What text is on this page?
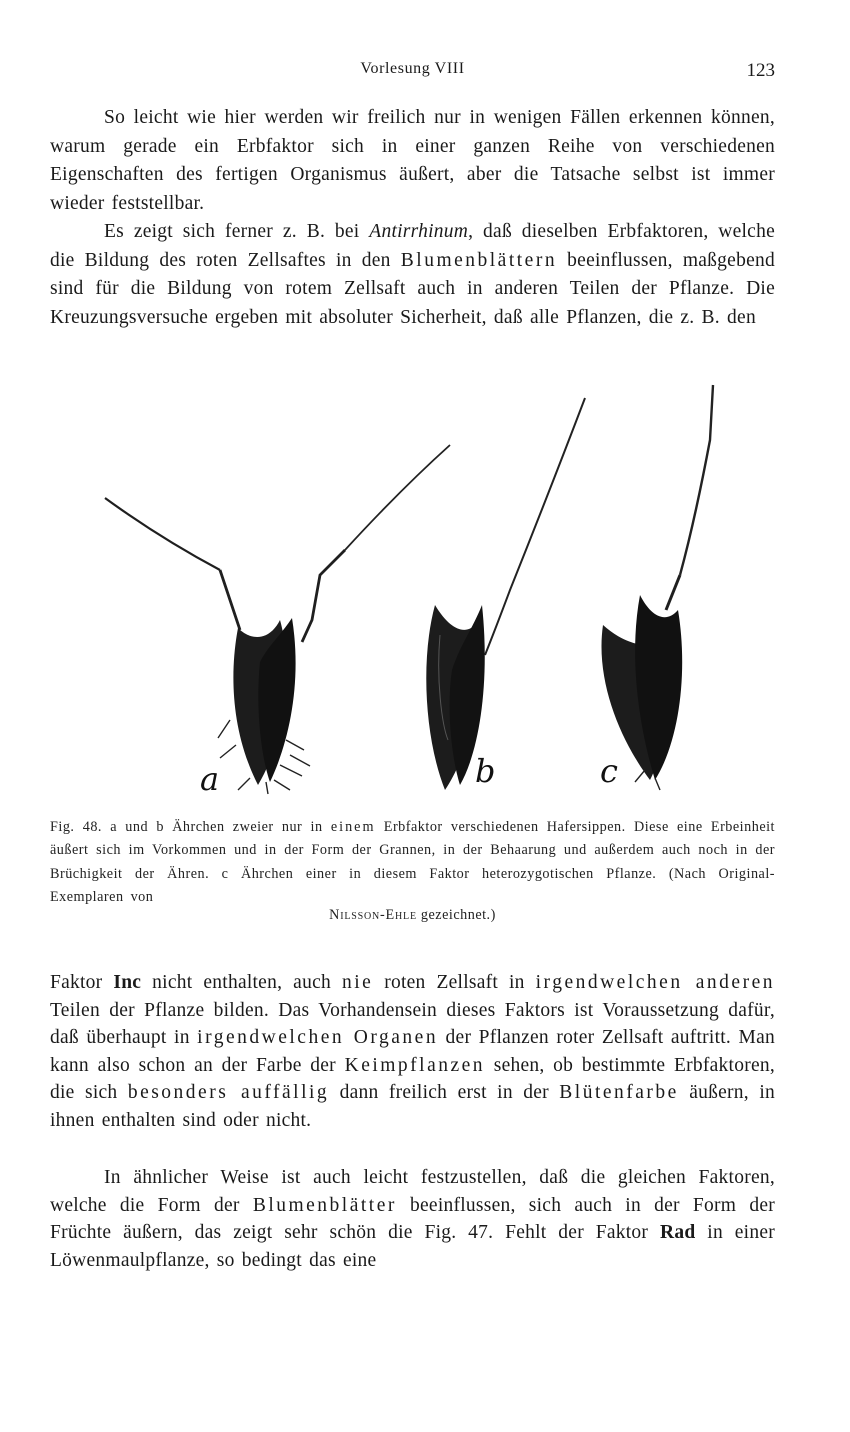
Vorlesung VIII	123

So leicht wie hier werden wir freilich nur in wenigen Fällen erkennen können, warum gerade ein Erbfaktor sich in einer ganzen Reihe von verschiedenen Eigenschaften des fertigen Organismus äußert, aber die Tatsache selbst ist immer wieder feststellbar.

Es zeigt sich ferner z. B. bei Antirrhinum, daß dieselben Erbfaktoren, welche die Bildung des roten Zellsaftes in den Blumenblättern beeinflussen, maßgebend sind für die Bildung von rotem Zellsaft auch in anderen Teilen der Pflanze. Die Kreuzungsversuche ergeben mit absoluter Sicherheit, daß alle Pflanzen, die z. B. den

a	b	c

Fig. 48. a und b Ährchen zweier nur in einem Erbfaktor verschiedenen Hafersippen. Diese eine Erbeinheit äußert sich im Vorkommen und in der Form der Grannen, in der Behaarung und außerdem auch noch in der Brüchigkeit der Ähren. c Ährchen einer in diesem Faktor heterozygotischen Pflanze. (Nach Original-Exemplaren von

Nilsson-Ehle gezeichnet.)

Faktor Inc nicht enthalten, auch nie roten Zellsaft in irgendwelchen anderen Teilen der Pflanze bilden. Das Vorhandensein dieses Faktors ist Voraussetzung dafür, daß überhaupt in irgendwelchen Organen der Pflanzen roter Zellsaft auftritt. Man kann also schon an der Farbe der Keimpflanzen sehen, ob bestimmte Erbfaktoren, die sich besonders auffällig dann freilich erst in der Blütenfarbe äußern, in ihnen enthalten sind oder nicht.

In ähnlicher Weise ist auch leicht festzustellen, daß die gleichen Faktoren, welche die Form der Blumenblätter beeinflussen, sich auch in der Form der Früchte äußern, das zeigt sehr schön die Fig. 47. Fehlt der Faktor Rad in einer Löwenmaulpflanze, so bedingt das eine
